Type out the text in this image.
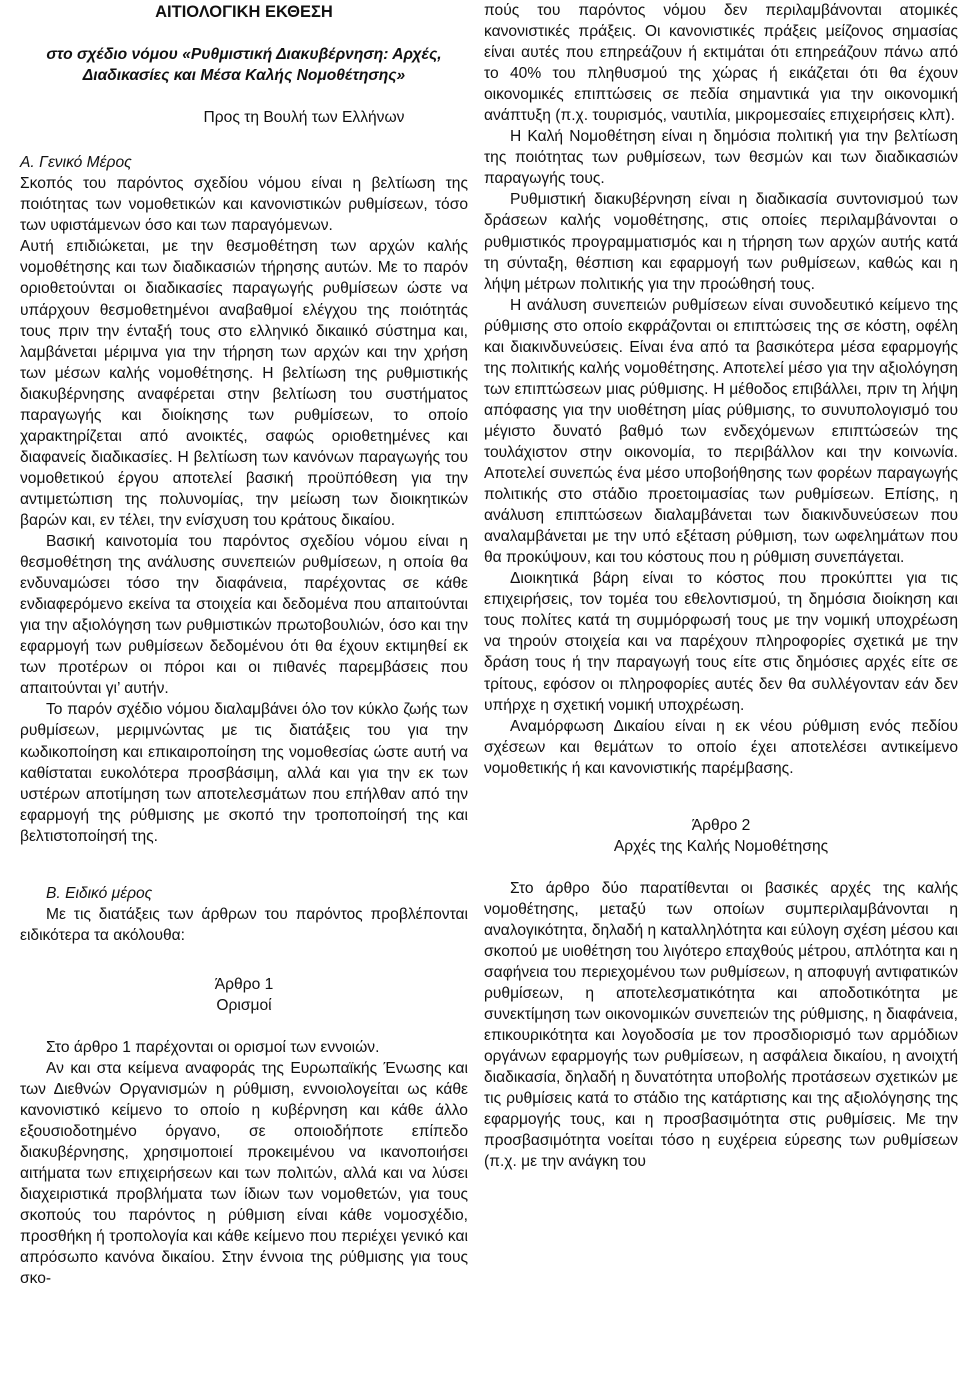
ΑΙΤΙΟΛΟΓΙΚΗ ΕΚΘΕΣΗ

στο σχέδιο νόμου «Ρυθμιστική Διακυβέρνηση: Αρχές, Διαδικασίες και Μέσα Καλής Νομοθέτησης»

Προς τη Βουλή των Ελλήνων

Α. Γενικό Μέρος

Σκοπός του παρόντος σχεδίου νόμου είναι η βελτίωση της ποιότητας των νομοθετικών και κανονιστικών ρυθμίσεων, τόσο των υφιστάμενων όσο και των παραγόμενων.

Αυτή επιδιώκεται, με την θεσμοθέτηση των αρχών καλής νομοθέτησης και των διαδικασιών τήρησης αυτών. Με το παρόν οριοθετούνται οι διαδικασίες παραγωγής ρυθμίσεων ώστε να υπάρχουν θεσμοθετημένοι αναβαθμοί ελέγχου της ποιότητάς τους πριν την ένταξή τους στο ελληνικό δικαιικό σύστημα και, λαμβάνεται μέριμνα για την τήρηση των αρχών και την χρήση των μέσων καλής νομοθέτησης. Η βελτίωση της ρυθμιστικής διακυβέρνησης αναφέρεται στην βελτίωση του συστήματος παραγωγής και διοίκησης των ρυθμίσεων, το οποίο χαρακτηρίζεται από ανοικτές, σαφώς οριοθετημένες και διαφανείς διαδικασίες. Η βελτίωση των κανόνων παραγωγής του νομοθετικού έργου αποτελεί βασική προϋπόθεση για την αντιμετώπιση της πολυνομίας, την μείωση των διοικητικών βαρών και, εν τέλει, την ενίσχυση του κράτους δικαίου.

Βασική καινοτομία του παρόντος σχεδίου νόμου είναι η θεσμοθέτηση της ανάλυσης συνεπειών ρυθμίσεων, η οποία θα ενδυναμώσει τόσο την διαφάνεια, παρέχοντας σε κάθε ενδιαφερόμενο εκείνα τα στοιχεία και δεδομένα που απαιτούνται για την αξιολόγηση των ρυθμιστικών πρωτοβουλιών, όσο και την εφαρμογή των ρυθμίσεων δεδομένου ότι θα έχουν εκτιμηθεί εκ των προτέρων οι πόροι και οι πιθανές παρεμβάσεις που απαιτούνται γι’ αυτήν.

Το παρόν σχέδιο νόμου διαλαμβάνει όλο τον κύκλο ζωής των ρυθμίσεων, μεριμνώντας με τις διατάξεις του για την κωδικοποίηση και επικαιροποίηση της νομοθεσίας ώστε αυτή να καθίσταται ευκολότερα προσβάσιμη, αλλά και για την εκ των υστέρων αποτίμηση των αποτελεσμάτων που επήλθαν από την εφαρμογή της ρύθμισης με σκοπό την τροποποίησή της και βελτιστοποίησή της.

Β. Ειδικό μέρος

Με τις διατάξεις των άρθρων του παρόντος προβλέπονται ειδικότερα τα ακόλουθα:

Άρθρο 1

Ορισμοί

Στο άρθρο 1 παρέχονται οι ορισμοί των εννοιών.

Αν και στα κείμενα αναφοράς της Ευρωπαϊκής Ένωσης και των Διεθνών Οργανισμών η ρύθμιση, εννοιολογείται ως κάθε κανονιστικό κείμενο το οποίο η κυβέρνηση και κάθε άλλο εξουσιοδοτημένο όργανο, σε οποιοδήποτε επίπεδο διακυβέρνησης, χρησιμοποιεί προκειμένου να ικανοποιήσει αιτήματα των επιχειρήσεων και των πολιτών, αλλά και να λύσει διαχειριστικά προβλήματα των ίδιων των νομοθετών, για τους σκοπούς του παρόντος η ρύθμιση είναι κάθε νομοσχέδιο, προσθήκη ή τροπολογία και κάθε κείμενο που περιέχει γενικό και απρόσωπο κανόνα δικαίου. Στην έννοια της ρύθμισης για τους σκο-

πούς του παρόντος νόμου δεν περιλαμβάνονται ατομικές κανονιστικές πράξεις. Οι κανονιστικές πράξεις μείζονος σημασίας είναι αυτές που επηρεάζουν ή εκτιμάται ότι επηρεάζουν πάνω από το 40% του πληθυσμού της χώρας ή εικάζεται ότι θα έχουν οικονομικές επιπτώσεις σε πεδία σημαντικά για την οικονομική ανάπτυξη (π.χ. τουρισμός, ναυτιλία, μικρομεσαίες επιχειρήσεις κλπ).

Η Καλή Νομοθέτηση είναι η δημόσια πολιτική για την βελτίωση της ποιότητας των ρυθμίσεων, των θεσμών και των διαδικασιών παραγωγής τους.

Ρυθμιστική διακυβέρνηση είναι η διαδικασία συντονισμού των δράσεων καλής νομοθέτησης, στις οποίες περιλαμβάνονται ο ρυθμιστικός προγραμματισμός και η τήρηση των αρχών αυτής κατά τη σύνταξη, θέσπιση και εφαρμογή των ρυθμίσεων, καθώς και η λήψη μέτρων πολιτικής για την προώθησή τους.

Η ανάλυση συνεπειών ρυθμίσεων είναι συνοδευτικό κείμενο της ρύθμισης στο οποίο εκφράζονται οι επιπτώσεις της σε κόστη, οφέλη και διακινδυνεύσεις. Είναι ένα από τα βασικότερα μέσα εφαρμογής της πολιτικής καλής νομοθέτησης. Αποτελεί μέσο για την αξιολόγηση των επιπτώσεων μιας ρύθμισης. Η μέθοδος επιβάλλει, πριν τη λήψη απόφασης για την υιοθέτηση μίας ρύθμισης, το συνυπολογισμό του μέγιστο δυνατό βαθμό των ενδεχόμενων επιπτώσεών της τουλάχιστον στην οικονομία, το περιβάλλον και την κοινωνία. Αποτελεί συνεπώς ένα μέσο υποβοήθησης των φορέων παραγωγής πολιτικής στο στάδιο προετοιμασίας των ρυθμίσεων. Επίσης, η ανάλυση επιπτώσεων διαλαμβάνεται των διακινδυνεύσεων που αναλαμβάνεται με την υπό εξέταση ρύθμιση, των ωφελημάτων που θα προκύψουν, και του κόστους που η ρύθμιση συνεπάγεται.

Διοικητικά βάρη είναι το κόστος που προκύπτει για τις επιχειρήσεις, τον τομέα του εθελοντισμού, τη δημόσια διοίκηση και τους πολίτες κατά τη συμμόρφωσή τους με την νομική υποχρέωση να τηρούν στοιχεία και να παρέχουν πληροφορίες σχετικά με την δράση τους ή την παραγωγή τους είτε στις δημόσιες αρχές είτε σε τρίτους, εφόσον οι πληροφορίες αυτές δεν θα συλλέγονταν εάν δεν υπήρχε η σχετική νομική υποχρέωση.

Αναμόρφωση Δικαίου είναι η εκ νέου ρύθμιση ενός πεδίου σχέσεων και θεμάτων το οποίο έχει αποτελέσει αντικείμενο νομοθετικής ή και κανονιστικής παρέμβασης.

Άρθρο 2

Αρχές της Καλής Νομοθέτησης

Στο άρθρο δύο παρατίθενται οι βασικές αρχές της καλής νομοθέτησης, μεταξύ των οποίων συμπεριλαμβάνονται η αναλογικότητα, δηλαδή η καταλληλότητα και εύλογη σχέση μέσου και σκοπού με υιοθέτηση του λιγότερο επαχθούς μέτρου, απλότητα και η σαφήνεια του περιεχομένου των ρυθμίσεων, η αποφυγή αντιφατικών ρυθμίσεων, η αποτελεσματικότητα και αποδοτικότητα με συνεκτίμηση των οικονομικών συνεπειών της ρύθμισης, η διαφάνεια, επικουρικότητα και λογοδοσία με τον προσδιορισμό των αρμόδιων οργάνων εφαρμογής των ρυθμίσεων, η ασφάλεια δικαίου, η ανοιχτή διαδικασία, δηλαδή η δυνατότητα υποβολής προτάσεων σχετικών με τις ρυθμίσεις κατά το στάδιο της κατάρτισης και της αξιολόγησης της εφαρμογής τους, και η προσβασιμότητα στις ρυθμίσεις. Με την προσβασιμότητα νοείται τόσο η ευχέρεια εύρεσης των ρυθμίσεων (π.χ. με την ανάγκη του
